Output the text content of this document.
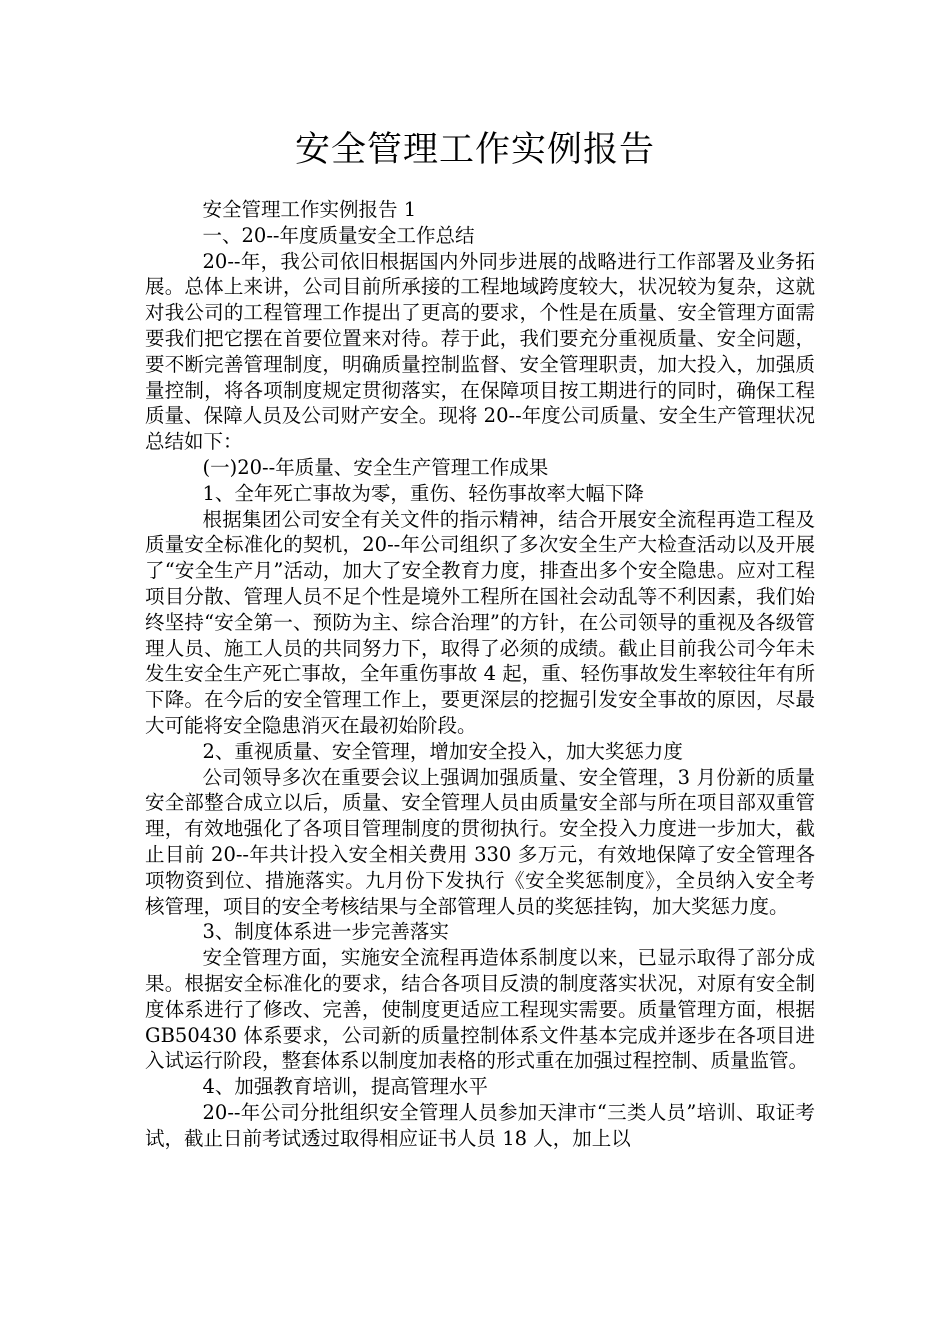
安全管理工作实例报告

安全管理工作实例报告 1

一、20--年度质量安全工作总结

20--年，我公司依旧根据国内外同步进展的战略进行工作部署及业务拓展。总体上来讲，公司目前所承接的工程地域跨度较大，状况较为复杂，这就对我公司的工程管理工作提出了更高的要求，个性是在质量、安全管理方面需要我们把它摆在首要位置来对待。荐于此，我们要充分重视质量、安全问题，要不断完善管理制度，明确质量控制监督、安全管理职责，加大投入，加强质量控制，将各项制度规定贯彻落实，在保障项目按工期进行的同时，确保工程质量、保障人员及公司财产安全。现将 20--年度公司质量、安全生产管理状况总结如下：

(一)20--年质量、安全生产管理工作成果

1、全年死亡事故为零，重伤、轻伤事故率大幅下降

根据集团公司安全有关文件的指示精神，结合开展安全流程再造工程及质量安全标准化的契机，20--年公司组织了多次安全生产大检查活动以及开展了“安全生产月”活动，加大了安全教育力度，排查出多个安全隐患。应对工程项目分散、管理人员不足个性是境外工程所在国社会动乱等不利因素，我们始终坚持“安全第一、预防为主、综合治理”的方针，在公司领导的重视及各级管理人员、施工人员的共同努力下，取得了必须的成绩。截止目前我公司今年未发生安全生产死亡事故，全年重伤事故 4 起，重、轻伤事故发生率较往年有所下降。在今后的安全管理工作上，要更深层的挖掘引发安全事故的原因，尽最大可能将安全隐患消灭在最初始阶段。

2、重视质量、安全管理，增加安全投入，加大奖惩力度

公司领导多次在重要会议上强调加强质量、安全管理，3 月份新的质量安全部整合成立以后，质量、安全管理人员由质量安全部与所在项目部双重管理，有效地强化了各项目管理制度的贯彻执行。安全投入力度进一步加大，截止目前 20--年共计投入安全相关费用 330 多万元，有效地保障了安全管理各项物资到位、措施落实。九月份下发执行《安全奖惩制度》，全员纳入安全考核管理，项目的安全考核结果与全部管理人员的奖惩挂钩，加大奖惩力度。

3、制度体系进一步完善落实

安全管理方面，实施安全流程再造体系制度以来，已显示取得了部分成果。根据安全标准化的要求，结合各项目反溃的制度落实状况，对原有安全制度体系进行了修改、完善，使制度更适应工程现实需要。质量管理方面，根据 GB50430 体系要求，公司新的质量控制体系文件基本完成并逐步在各项目进入试运行阶段，整套体系以制度加表格的形式重在加强过程控制、质量监管。

4、加强教育培训，提高管理水平

20--年公司分批组织安全管理人员参加天津市“三类人员”培训、取证考试，截止日前考试透过取得相应证书人员 18 人，加上以
